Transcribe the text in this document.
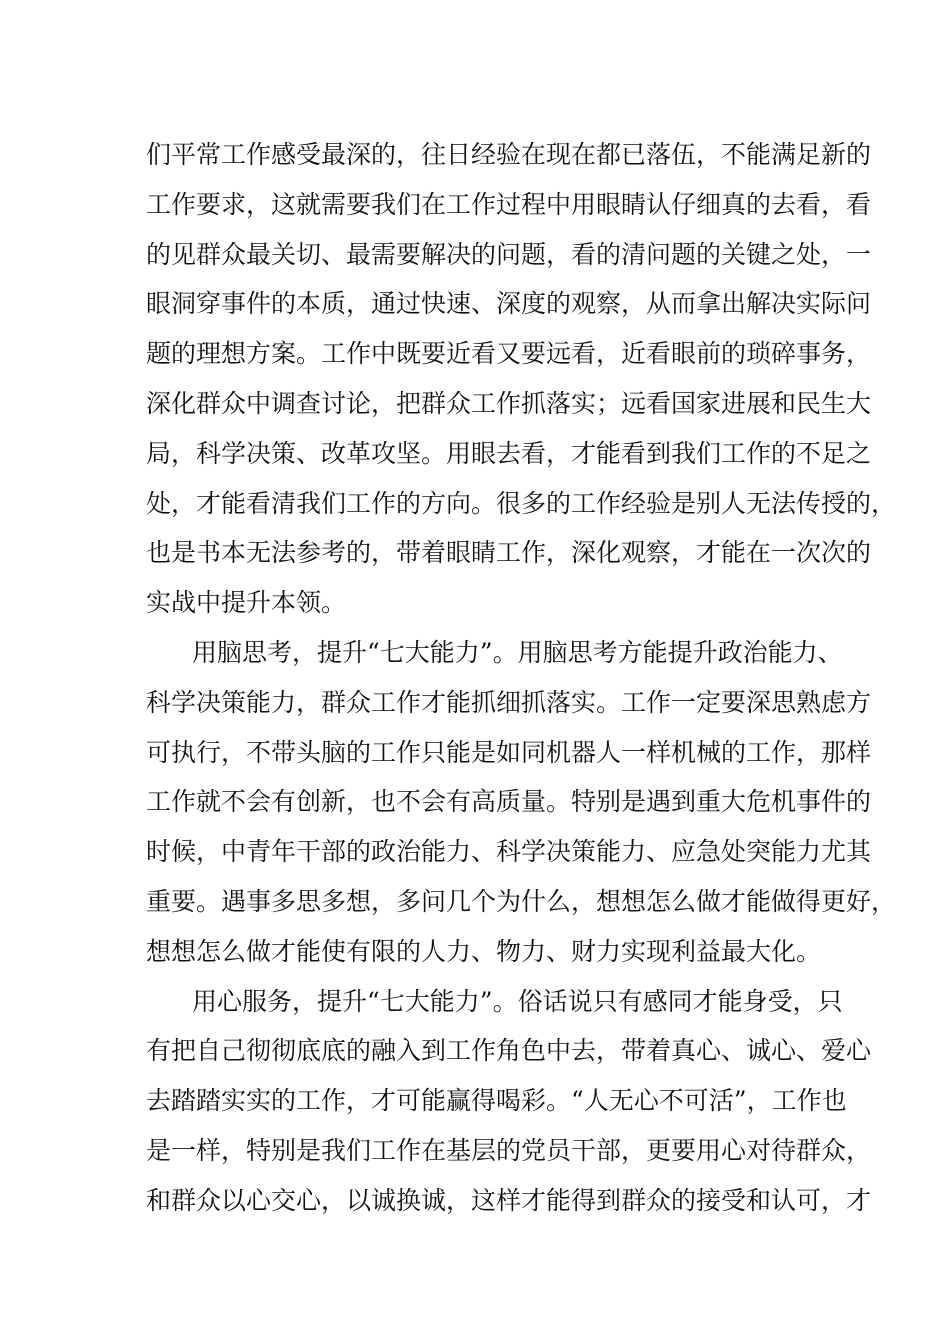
们平常工作感受最深的，往日经验在现在都已落伍，不能满足新的
工作要求，这就需要我们在工作过程中用眼睛认仔细真的去看，看
的见群众最关切、最需要解决的问题，看的清问题的关键之处，一
眼洞穿事件的本质，通过快速、深度的观察，从而拿出解决实际问
题的理想方案。工作中既要近看又要远看，近看眼前的琐碎事务，
深化群众中调查讨论，把群众工作抓落实；远看国家进展和民生大
局，科学决策、改革攻坚。用眼去看，才能看到我们工作的不足之
处，才能看清我们工作的方向。很多的工作经验是别人无法传授的，
也是书本无法参考的，带着眼睛工作，深化观察，才能在一次次的
实战中提升本领。
用脑思考，提升“七大能力”。用脑思考方能提升政治能力、
科学决策能力，群众工作才能抓细抓落实。工作一定要深思熟虑方
可执行，不带头脑的工作只能是如同机器人一样机械的工作，那样
工作就不会有创新，也不会有高质量。特别是遇到重大危机事件的
时候，中青年干部的政治能力、科学决策能力、应急处突能力尤其
重要。遇事多思多想，多问几个为什么，想想怎么做才能做得更好，
想想怎么做才能使有限的人力、物力、财力实现利益最大化。
用心服务，提升“七大能力”。俗话说只有感同才能身受，只
有把自己彻彻底底的融入到工作角色中去，带着真心、诚心、爱心
去踏踏实实的工作，才可能赢得喝彩。“人无心不可活”，工作也
是一样，特别是我们工作在基层的党员干部，更要用心对待群众，
和群众以心交心，以诚换诚，这样才能得到群众的接受和认可，才
